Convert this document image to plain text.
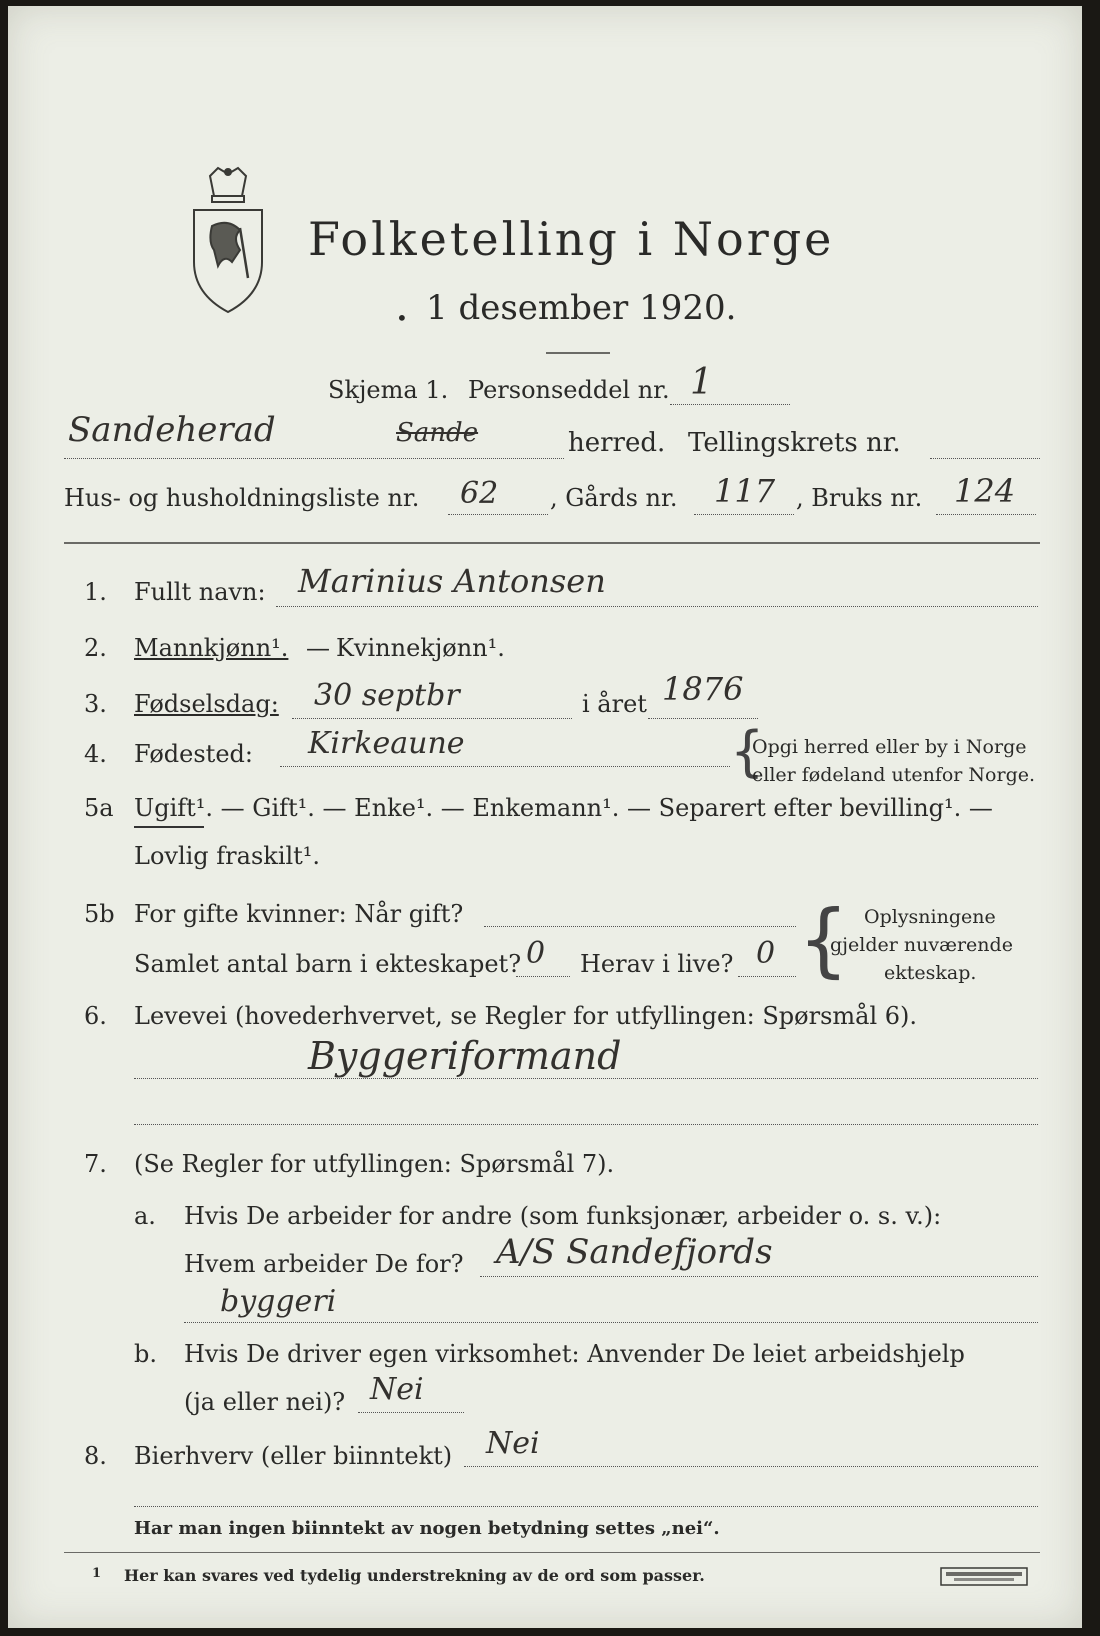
Folketelling i Norge
• 1 desember 1920.
Skjema 1. Personseddel nr. 1
Sandeherad	Sande	herred. Tellingskrets nr.
Hus- og husholdningsliste nr. 62 , Gårds nr. 117 , Bruks nr. 124
1. Fullt navn: Marinius Antonsen
2. Mannkjønn¹. — Kvinnekjønn¹.
3. Fødselsdag: 30 septbr	i året 1876
4. Fødested: Kirkeaune	{
Opgi herred eller by i Norge
eller fødeland utenfor Norge.
5a Ugift¹. — Gift¹. — Enke¹. — Enkemann¹. — Separert efter bevilling¹. —
Lovlig fraskilt¹.
5b For gifte kvinner: Når gift?
Samlet antal barn i ekteskapet? 0 Herav i live? 0 { Oplysningene
gjelder nuværende
ekteskap.
6. Levevei (hovederhvervet, se Regler for utfyllingen: Spørsmål 6).
Byggeriformand
7. (Se Regler for utfyllingen: Spørsmål 7).
a. Hvis De arbeider for andre (som funksjonær, arbeider o. s. v.):
Hvem arbeider De for? A/S Sandefjords
byggeri
b. Hvis De driver egen virksomhet: Anvender De leiet arbeidshjelp
(ja eller nei)? Nei
8. Bierhverv (eller biinntekt) Nei
Har man ingen biinntekt av nogen betydning settes „nei“.
1 Her kan svares ved tydelig understrekning av de ord som passer.
